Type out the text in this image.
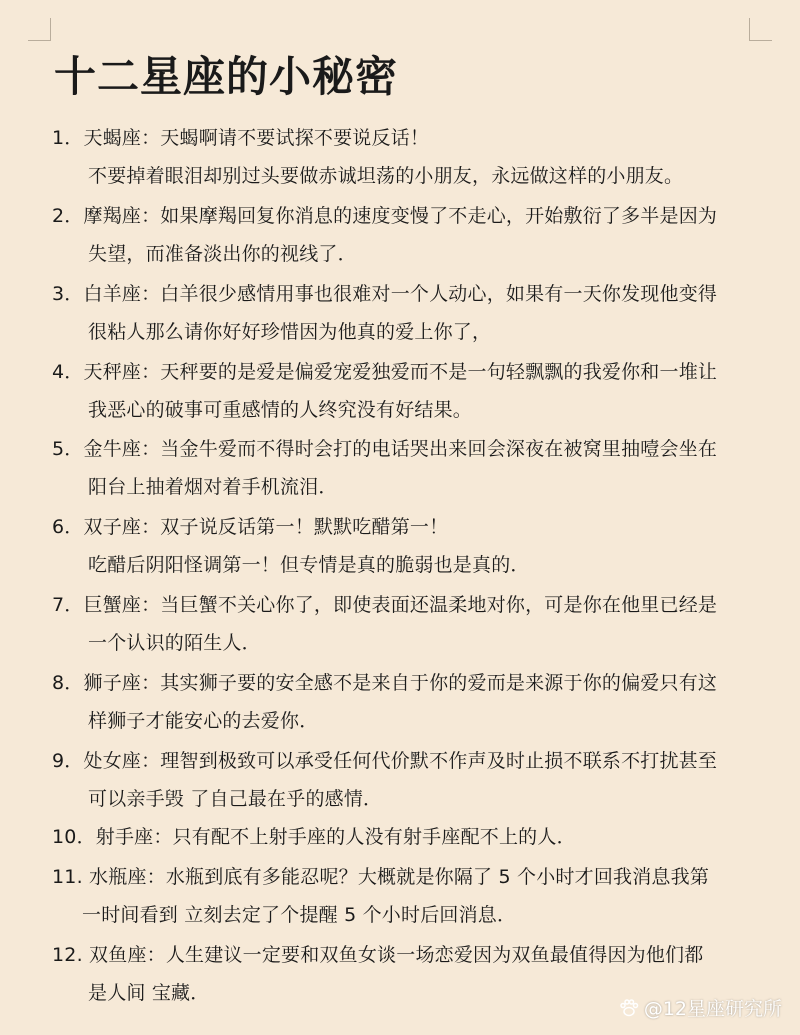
十二星座的小秘密
1．天蝎座：天蝎啊请不要试探不要说反话！
不要掉着眼泪却别过头要做赤诚坦荡的小朋友，永远做这样的小朋友。
2．摩羯座：如果摩羯回复你消息的速度变慢了不走心，开始敷衍了多半是因为
失望，而准备淡出你的视线了．
3．白羊座：白羊很少感情用事也很难对一个人动心，如果有一天你发现他变得
很粘人那么请你好好珍惜因为他真的爱上你了，
4．天秤座：天秤要的是爱是偏爱宠爱独爱而不是一句轻飘飘的我爱你和一堆让
我恶心的破事可重感情的人终究没有好结果。
5．金牛座：当金牛爱而不得时会打的电话哭出来回会深夜在被窝里抽噎会坐在
阳台上抽着烟对着手机流泪．
6．双子座：双子说反话第一！默默吃醋第一！
吃醋后阴阳怪调第一！但专情是真的脆弱也是真的．
7．巨蟹座：当巨蟹不关心你了，即使表面还温柔地对你，可是你在他里已经是
一个认识的陌生人．
8．狮子座：其实狮子要的安全感不是来自于你的爱而是来源于你的偏爱只有这
样狮子才能安心的去爱你．
9．处女座：理智到极致可以承受任何代价默不作声及时止损不联系不打扰甚至
可以亲手毁 了自己最在乎的感情．
10．射手座：只有配不上射手座的人没有射手座配不上的人．
11. 水瓶座：水瓶到底有多能忍呢？大概就是你隔了 5 个小时才回我消息我第
一时间看到 立刻去定了个提醒 5 个小时后回消息．
12. 双鱼座：人生建议一定要和双鱼女谈一场恋爱因为双鱼最值得因为他们都
是人间 宝藏．
@12星座研究所
